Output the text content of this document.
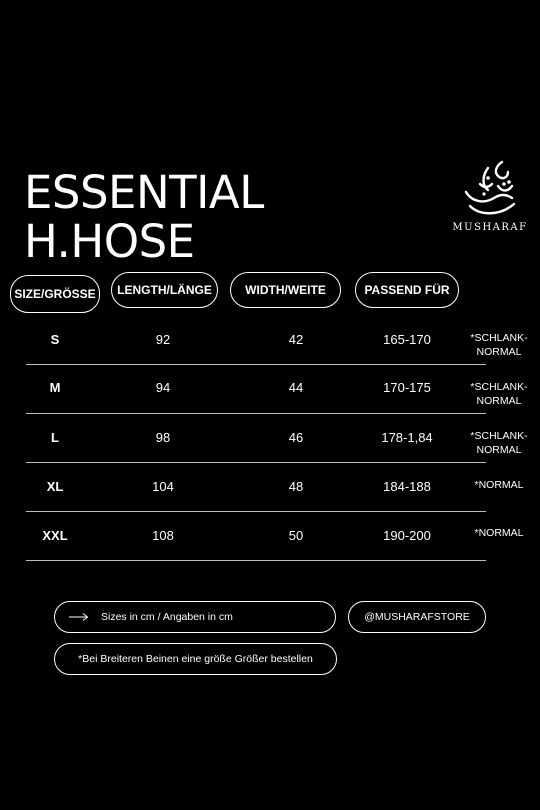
ESSENTIAL
H.HOSE	MUSHARAF
SIZE/GRÖSSE	LENGTH/LÄNGE	WIDTH/WEITE	PASSEND FÜR
S	92	42	165-170	*SCHLANK-
NORMAL
M	94	44	170-175	*SCHLANK-
NORMAL
L	98	46	178-1,84	*SCHLANK-
NORMAL
XL	104	48	184-188	*NORMAL
XXL	108	50	190-200	*NORMAL
Sizes in cm / Angaben in cm	@MUSHARAFSTORE
*Bei Breiteren Beinen eine größe Größer bestellen
